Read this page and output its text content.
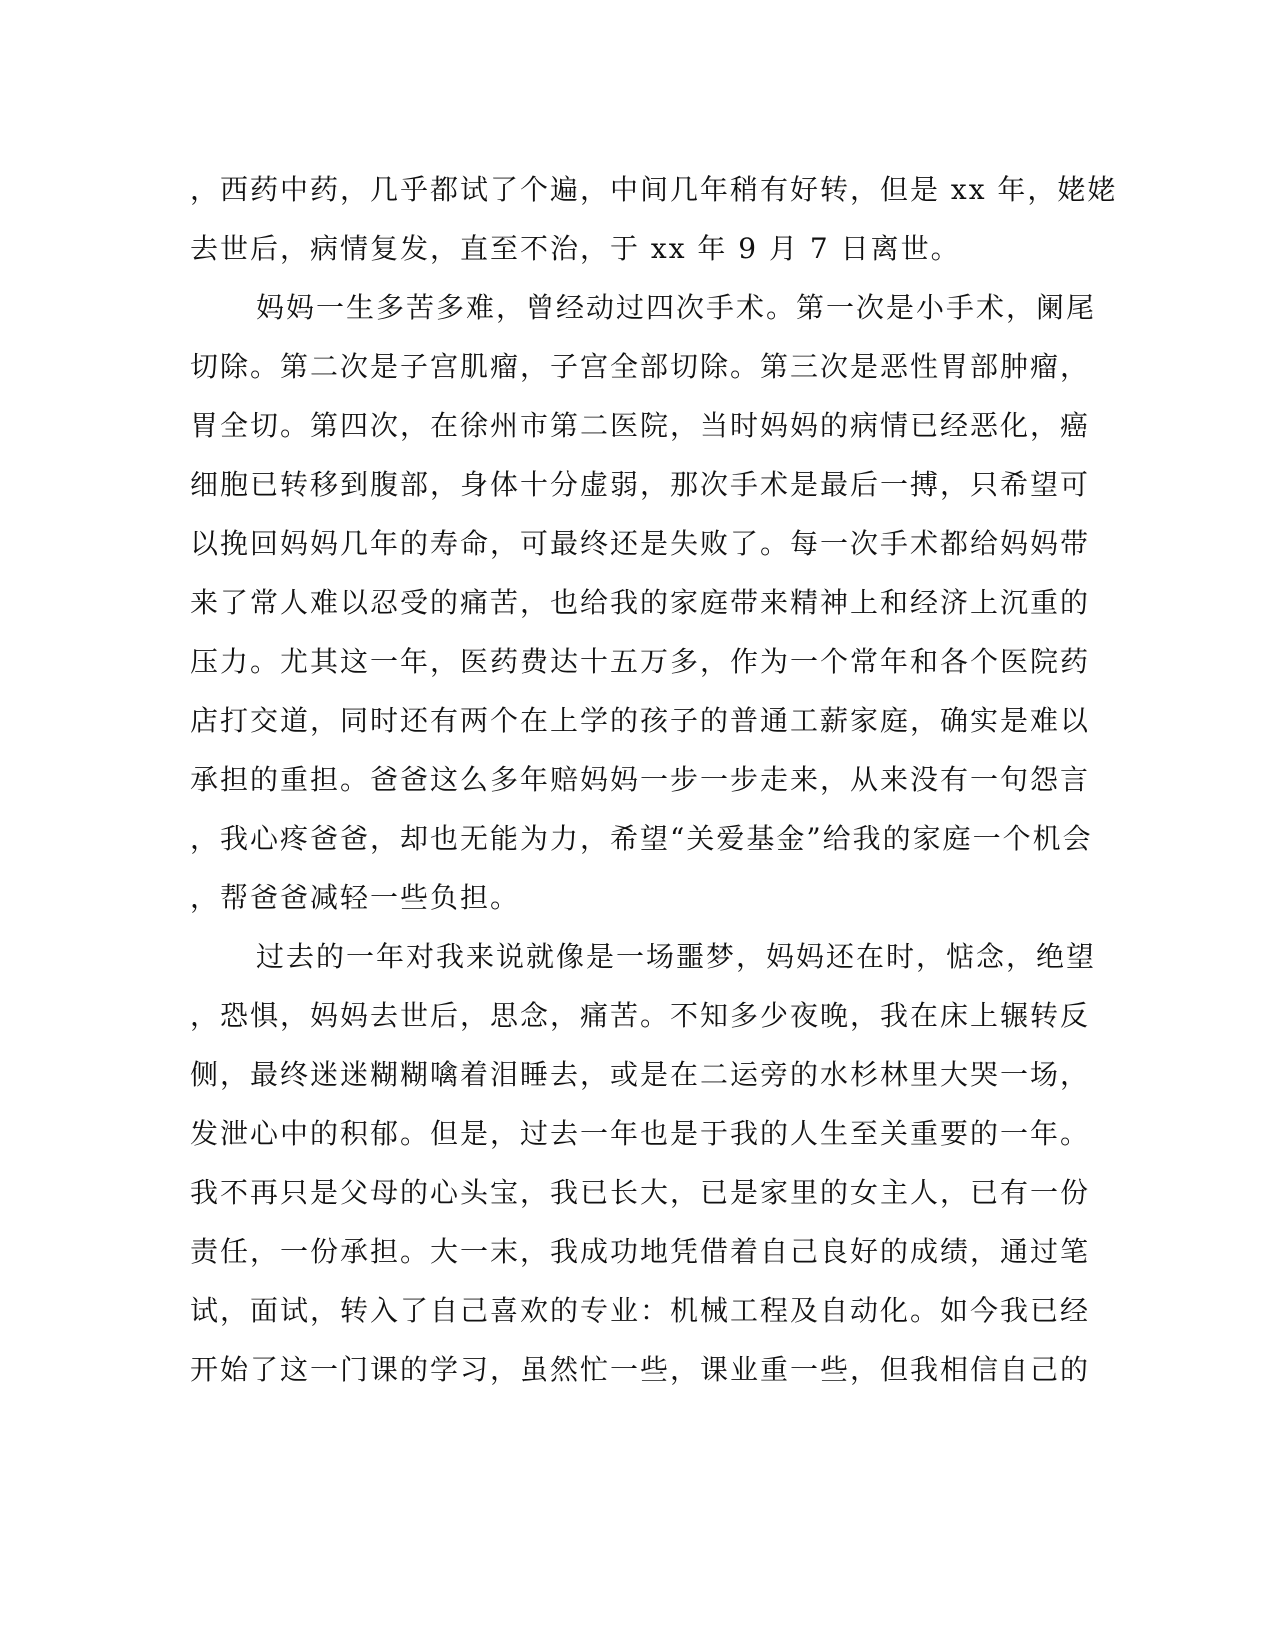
，西药中药，几乎都试了个遍，中间几年稍有好转，但是 xx 年，姥姥
去世后，病情复发，直至不治，于 xx 年 9 月 7 日离世。
妈妈一生多苦多难，曾经动过四次手术。第一次是小手术，阑尾
切除。第二次是子宫肌瘤，子宫全部切除。第三次是恶性胃部肿瘤，
胃全切。第四次，在徐州市第二医院，当时妈妈的病情已经恶化，癌
细胞已转移到腹部，身体十分虚弱，那次手术是最后一搏，只希望可
以挽回妈妈几年的寿命，可最终还是失败了。每一次手术都给妈妈带
来了常人难以忍受的痛苦，也给我的家庭带来精神上和经济上沉重的
压力。尤其这一年，医药费达十五万多，作为一个常年和各个医院药
店打交道，同时还有两个在上学的孩子的普通工薪家庭，确实是难以
承担的重担。爸爸这么多年赔妈妈一步一步走来，从来没有一句怨言
，我心疼爸爸，却也无能为力，希望“关爱基金”给我的家庭一个机会
，帮爸爸减轻一些负担。
过去的一年对我来说就像是一场噩梦，妈妈还在时，惦念，绝望
，恐惧，妈妈去世后，思念，痛苦。不知多少夜晚，我在床上辗转反
侧，最终迷迷糊糊噙着泪睡去，或是在二运旁的水杉林里大哭一场，
发泄心中的积郁。但是，过去一年也是于我的人生至关重要的一年。
我不再只是父母的心头宝，我已长大，已是家里的女主人，已有一份
责任，一份承担。大一末，我成功地凭借着自己良好的成绩，通过笔
试，面试，转入了自己喜欢的专业：机械工程及自动化。如今我已经
开始了这一门课的学习，虽然忙一些，课业重一些，但我相信自己的
